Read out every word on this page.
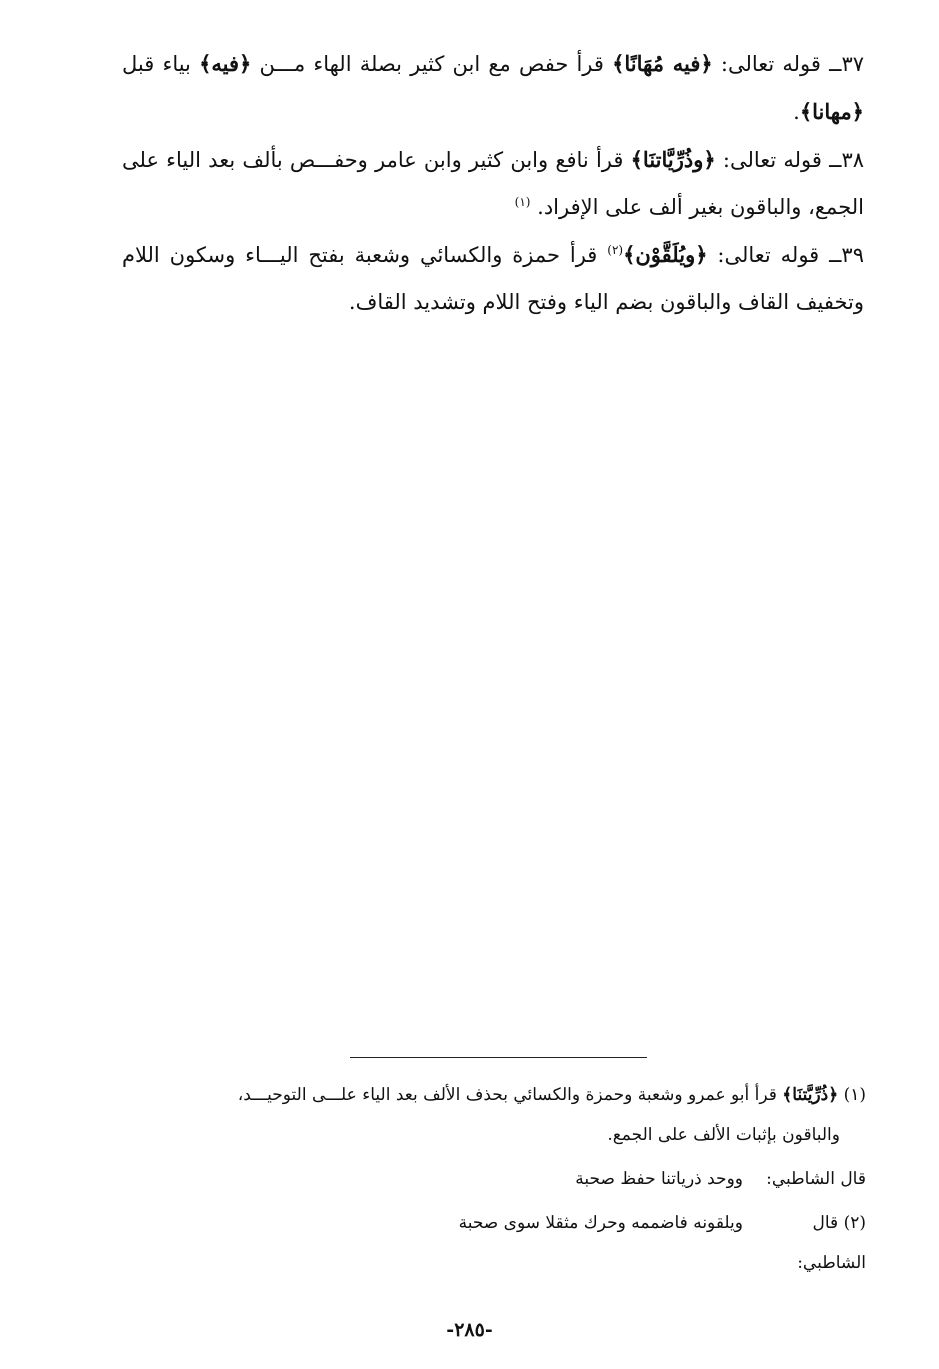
٣٧ــ قوله تعالى: ﴿فيه مُهَانًا﴾ قرأ حفص مع ابن كثير بصلة الهاء مـــن ﴿فيه﴾ بياء قبل ﴿مهانا﴾.

٣٨ــ قوله تعالى: ﴿وذُرِّيَّاتنَا﴾ قرأ نافع وابن كثير وابن عامر وحفـــص بألف بعد الياء على الجمع، والباقون بغير ألف على الإفراد. $^{(١)}$

٣٩ــ قوله تعالى: ﴿ويُلَقَّوْن﴾$^{(٢)}$ قرأ حمزة والكسائي وشعبة بفتح اليـــاء وسكون اللام وتخفيف القاف والباقون بضم الياء وفتح اللام وتشديد القاف.

(١) ﴿ذُرِّيَّتنَا﴾ قرأ أبو عمرو وشعبة وحمزة والكسائي بحذف الألف بعد الياء علـــى التوحيـــد،

والباقون بإثبات الألف على الجمع.

قال الشاطبي:
ووحد ذرياتنا حفظ صحبة
(٢) قال الشاطبي:
ويلقونه فاضممه وحرك مثقلا سوى صحبة
-٢٨٥-
